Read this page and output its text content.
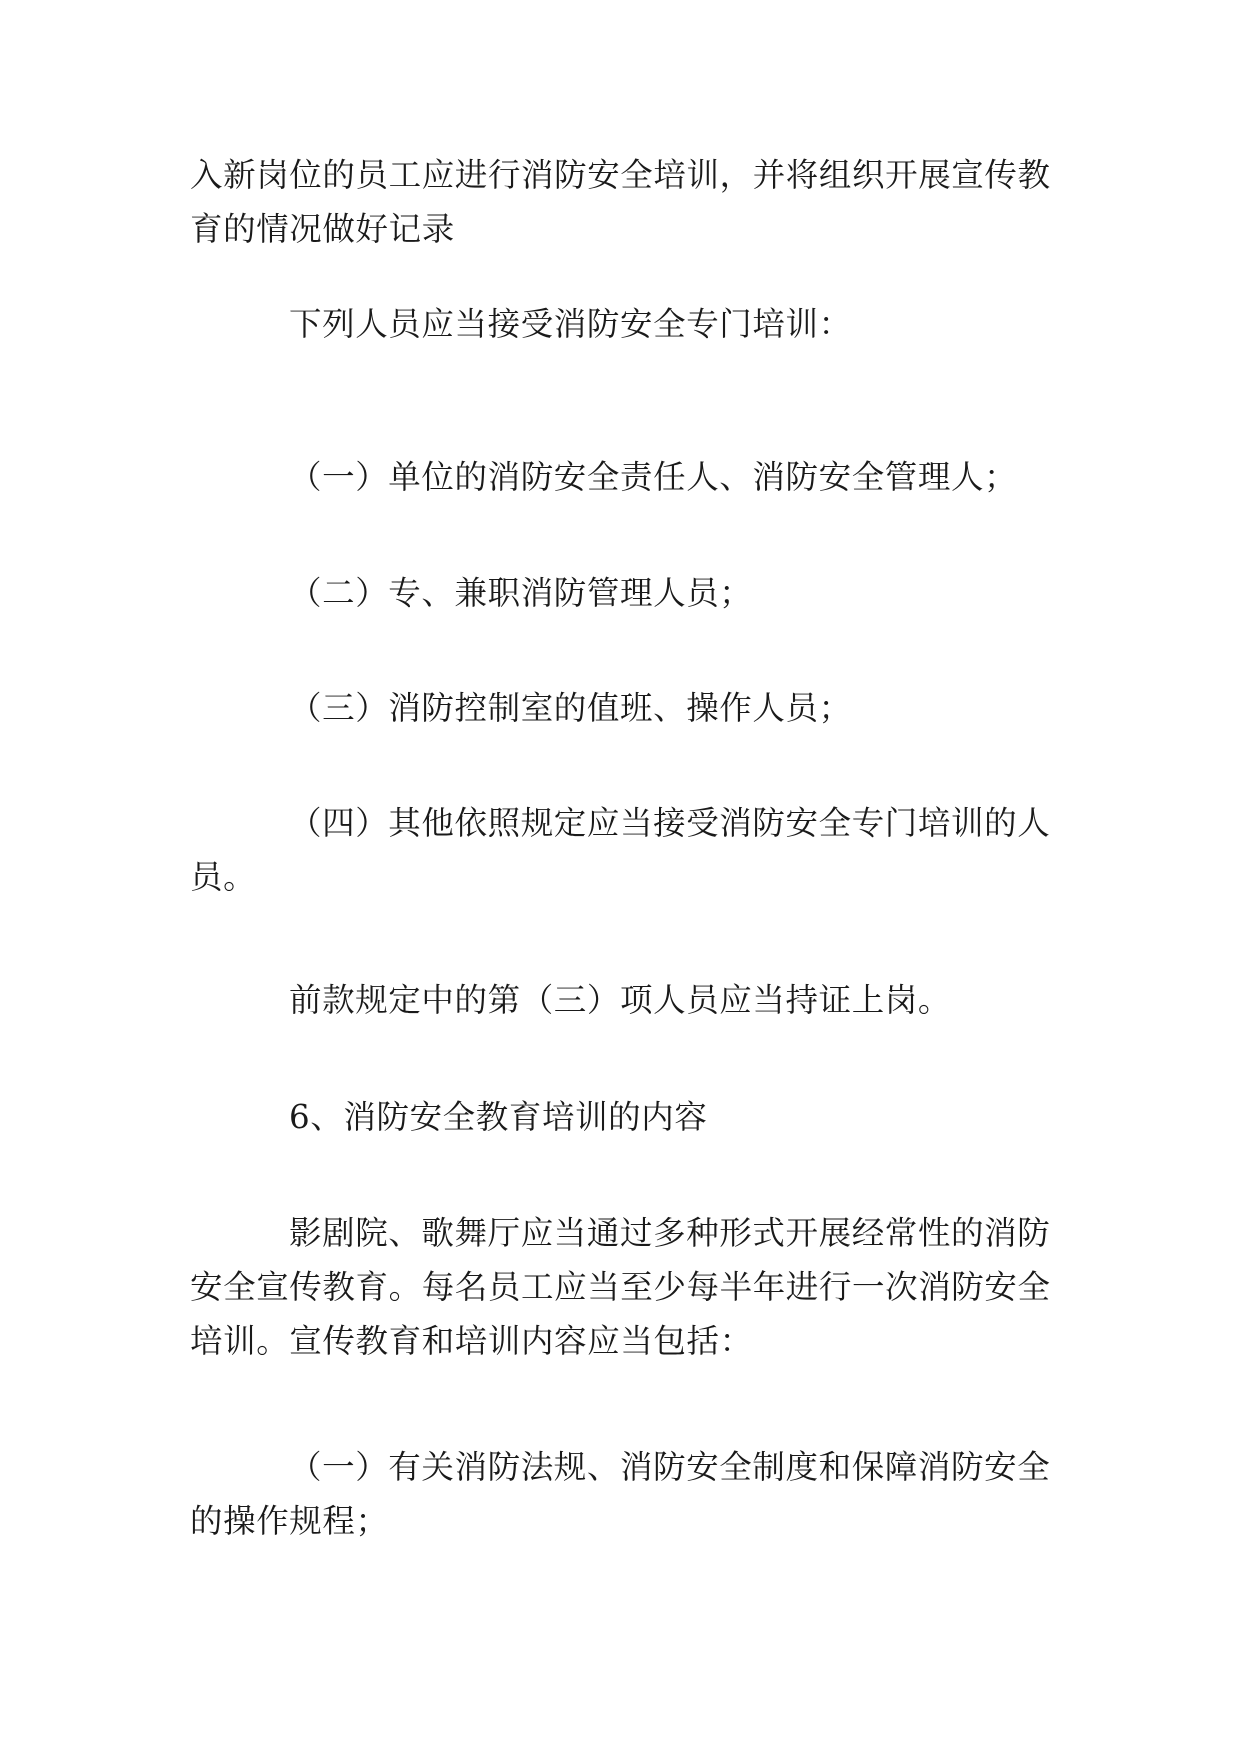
入新岗位的员工应进行消防安全培训，并将组织开展宣传教育的情况做好记录

下列人员应当接受消防安全专门培训：

（一）单位的消防安全责任人、消防安全管理人；

（二）专、兼职消防管理人员；

（三）消防控制室的值班、操作人员；

（四）其他依照规定应当接受消防安全专门培训的人员。

前款规定中的第（三）项人员应当持证上岗。

6、消防安全教育培训的内容

影剧院、歌舞厅应当通过多种形式开展经常性的消防安全宣传教育。每名员工应当至少每半年进行一次消防安全培训。宣传教育和培训内容应当包括：

（一）有关消防法规、消防安全制度和保障消防安全的操作规程；
